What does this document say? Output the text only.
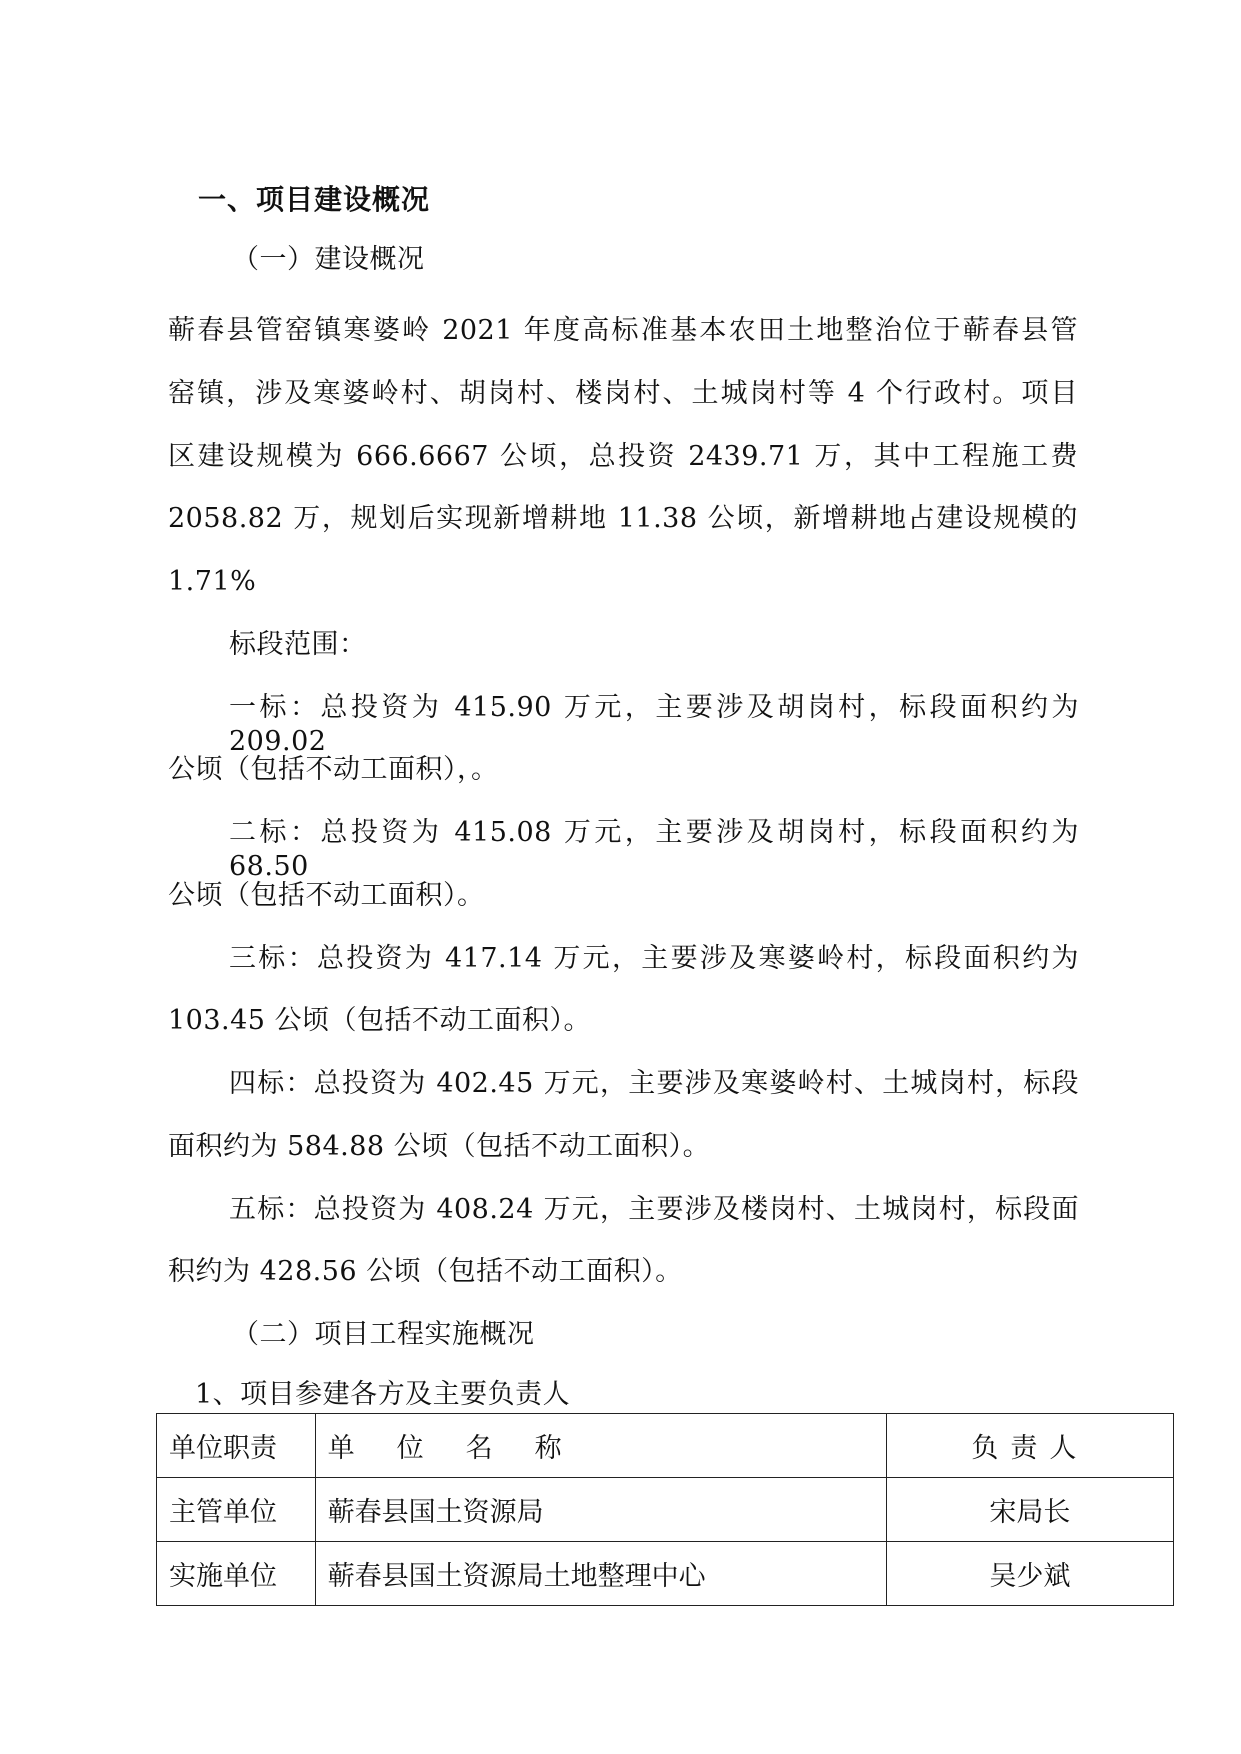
一、项目建设概况
（一）建设概况
蕲春县管窑镇寒婆岭 2021 年度高标准基本农田土地整治位于蕲春县管
窑镇，涉及寒婆岭村、胡岗村、楼岗村、土城岗村等 4 个行政村。项目
区建设规模为 666.6667 公顷，总投资 2439.71 万，其中工程施工费
2058.82 万，规划后实现新增耕地 11.38 公顷，新增耕地占建设规模的
1.71%
标段范围：
一标：总投资为 415.90 万元，主要涉及胡岗村，标段面积约为 209.02
公顷（包括不动工面积），。
二标：总投资为 415.08 万元，主要涉及胡岗村，标段面积约为 68.50
公顷（包括不动工面积）。
三标：总投资为 417.14 万元，主要涉及寒婆岭村，标段面积约为
103.45 公顷（包括不动工面积）。
四标：总投资为 402.45 万元，主要涉及寒婆岭村、土城岗村，标段
面积约为 584.88 公顷（包括不动工面积）。
五标：总投资为 408.24 万元，主要涉及楼岗村、土城岗村，标段面
积约为 428.56 公顷（包括不动工面积）。
（二）项目工程实施概况
1、项目参建各方及主要负责人
单位职责	单位名称	负责人
主管单位	蕲春县国土资源局	宋局长
实施单位	蕲春县国土资源局土地整理中心	吴少斌
